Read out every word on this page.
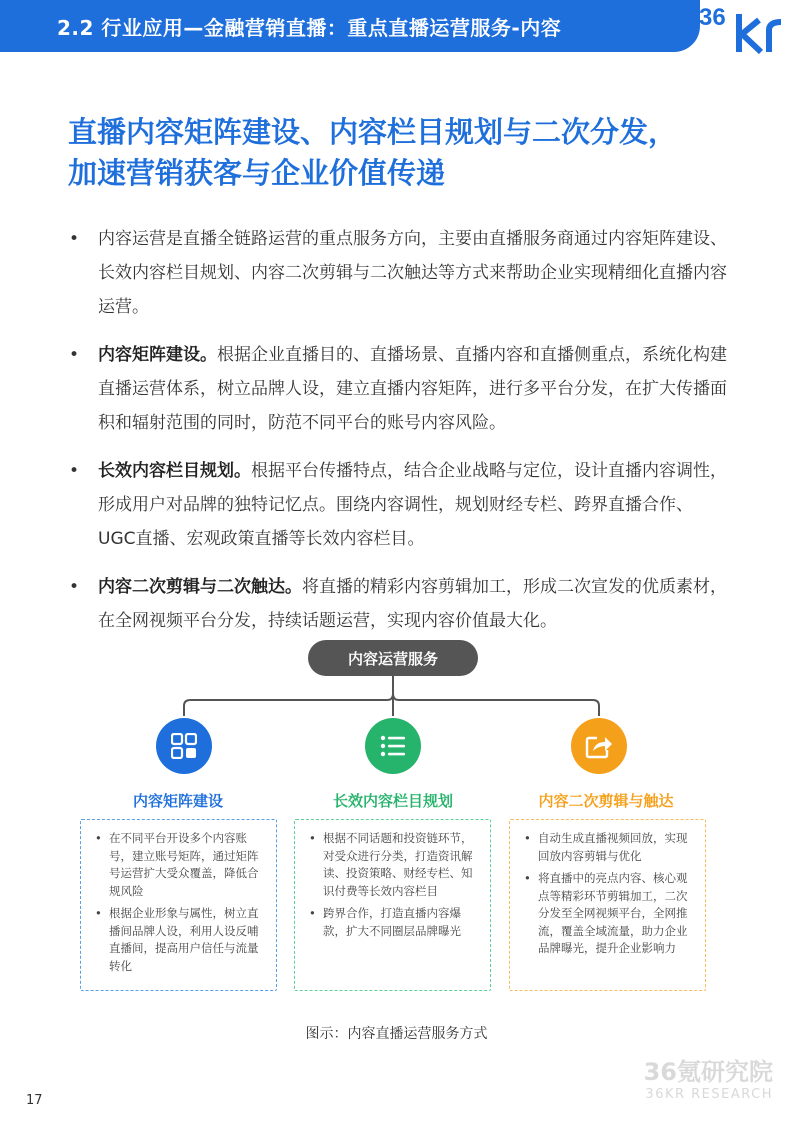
2.2 行业应用—金融营销直播：重点直播运营服务-内容	36
直播内容矩阵建设、内容栏目规划与二次分发，
加速营销获客与企业价值传递
• 内容运营是直播全链路运营的重点服务方向，主要由直播服务商通过内容矩阵建设、长效内容栏目规划、内容二次剪辑与二次触达等方式来帮助企业实现精细化直播内容运营。
• 内容矩阵建设。根据企业直播目的、直播场景、直播内容和直播侧重点，系统化构建直播运营体系，树立品牌人设，建立直播内容矩阵，进行多平台分发，在扩大传播面积和辐射范围的同时，防范不同平台的账号内容风险。
• 长效内容栏目规划。根据平台传播特点，结合企业战略与定位，设计直播内容调性，形成用户对品牌的独特记忆点。围绕内容调性，规划财经专栏、跨界直播合作、UGC直播、宏观政策直播等长效内容栏目。
• 内容二次剪辑与二次触达。将直播的精彩内容剪辑加工，形成二次宣发的优质素材，在全网视频平台分发，持续话题运营，实现内容价值最大化。
内容运营服务
内容矩阵建设
• 在不同平台开设多个内容账号，建立账号矩阵，通过矩阵号运营扩大受众覆盖，降低合规风险
• 根据企业形象与属性，树立直播间品牌人设，利用人设反哺直播间，提高用户信任与流量转化
长效内容栏目规划
• 根据不同话题和投资链环节，对受众进行分类，打造资讯解读、投资策略、财经专栏、知识付费等长效内容栏目
• 跨界合作，打造直播内容爆款，扩大不同圈层品牌曝光
内容二次剪辑与触达
• 自动生成直播视频回放，实现回放内容剪辑与优化
• 将直播中的亮点内容、核心观点等精彩环节剪辑加工，二次分发至全网视频平台，全网推流，覆盖全域流量，助力企业品牌曝光，提升企业影响力
图示：内容直播运营服务方式
17
36氪研究院
36KR RESEARCH
